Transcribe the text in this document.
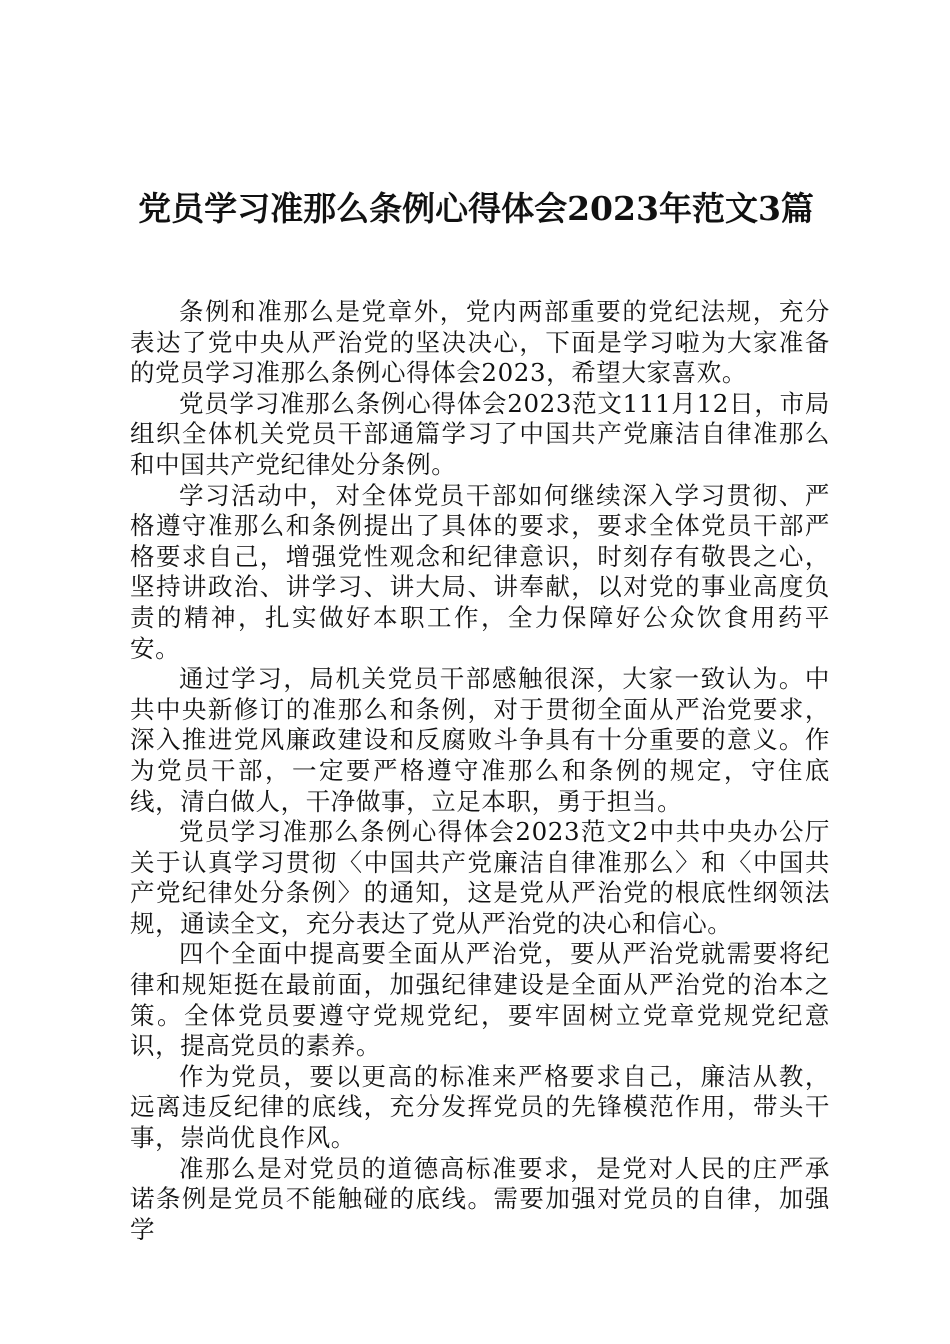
党员学习准那么条例心得体会2023年范文3篇

条例和准那么是党章外，党内两部重要的党纪法规，充分表达了党中央从严治党的坚决决心，下面是学习啦为大家准备的党员学习准那么条例心得体会2023，希望大家喜欢。

党员学习准那么条例心得体会2023范文111月12日，市局组织全体机关党员干部通篇学习了中国共产党廉洁自律准那么和中国共产党纪律处分条例。

学习活动中，对全体党员干部如何继续深入学习贯彻、严格遵守准那么和条例提出了具体的要求，要求全体党员干部严格要求自己，增强党性观念和纪律意识，时刻存有敬畏之心，坚持讲政治、讲学习、讲大局、讲奉献，以对党的事业高度负责的精神，扎实做好本职工作，全力保障好公众饮食用药平安。

通过学习，局机关党员干部感触很深，大家一致认为。中共中央新修订的准那么和条例，对于贯彻全面从严治党要求，深入推进党风廉政建设和反腐败斗争具有十分重要的意义。作为党员干部，一定要严格遵守准那么和条例的规定，守住底线，清白做人，干净做事，立足本职，勇于担当。

党员学习准那么条例心得体会2023范文2中共中央办公厅关于认真学习贯彻〈中国共产党廉洁自律准那么〉和〈中国共产党纪律处分条例〉的通知，这是党从严治党的根底性纲领法规，通读全文，充分表达了党从严治党的决心和信心。

四个全面中提高要全面从严治党，要从严治党就需要将纪律和规矩挺在最前面，加强纪律建设是全面从严治党的治本之策。全体党员要遵守党规党纪，要牢固树立党章党规党纪意识，提高党员的素养。

作为党员，要以更高的标准来严格要求自己，廉洁从教，远离违反纪律的底线，充分发挥党员的先锋模范作用，带头干事，崇尚优良作风。

准那么是对党员的道德高标准要求，是党对人民的庄严承诺条例是党员不能触碰的底线。需要加强对党员的自律，加强学
